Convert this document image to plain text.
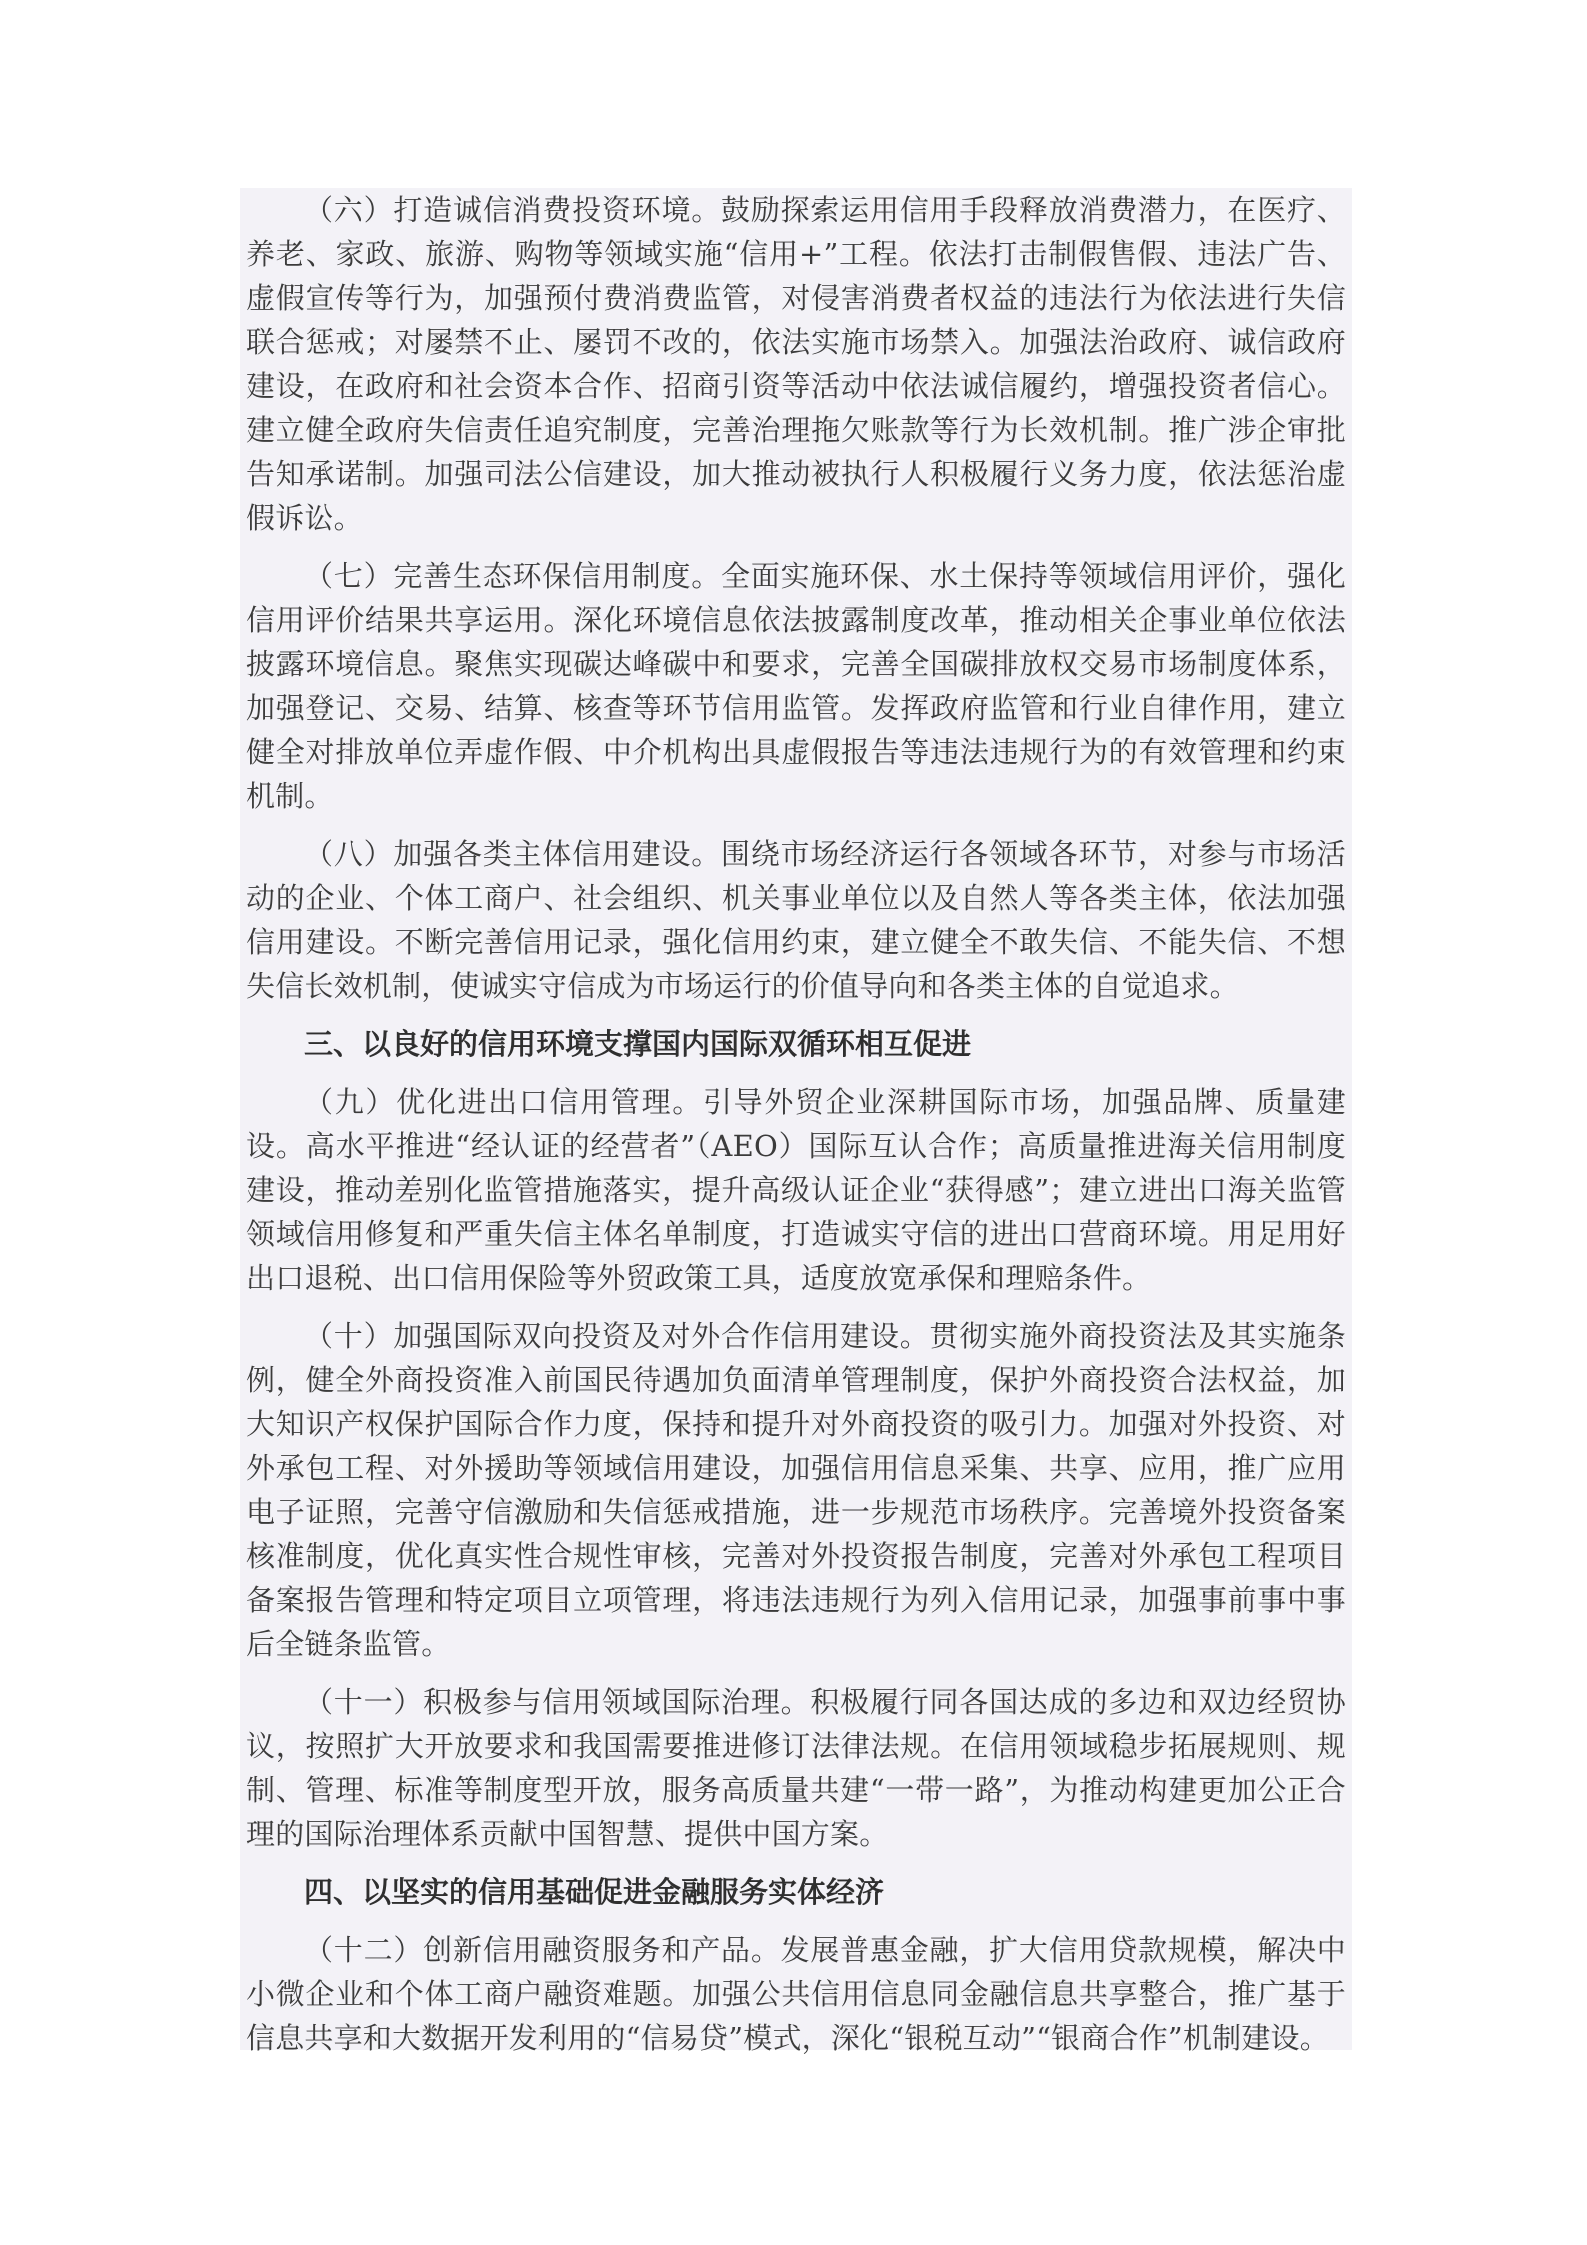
（六）打造诚信消费投资环境。鼓励探索运用信用手段释放消费潜力，在医疗、养老、家政、旅游、购物等领域实施“信用+”工程。依法打击制假售假、违法广告、虚假宣传等行为，加强预付费消费监管，对侵害消费者权益的违法行为依法进行失信联合惩戒；对屡禁不止、屡罚不改的，依法实施市场禁入。加强法治政府、诚信政府建设，在政府和社会资本合作、招商引资等活动中依法诚信履约，增强投资者信心。建立健全政府失信责任追究制度，完善治理拖欠账款等行为长效机制。推广涉企审批告知承诺制。加强司法公信建设，加大推动被执行人积极履行义务力度，依法惩治虚假诉讼。

（七）完善生态环保信用制度。全面实施环保、水土保持等领域信用评价，强化信用评价结果共享运用。深化环境信息依法披露制度改革，推动相关企事业单位依法披露环境信息。聚焦实现碳达峰碳中和要求，完善全国碳排放权交易市场制度体系，加强登记、交易、结算、核查等环节信用监管。发挥政府监管和行业自律作用，建立健全对排放单位弄虚作假、中介机构出具虚假报告等违法违规行为的有效管理和约束机制。

（八）加强各类主体信用建设。围绕市场经济运行各领域各环节，对参与市场活动的企业、个体工商户、社会组织、机关事业单位以及自然人等各类主体，依法加强信用建设。不断完善信用记录，强化信用约束，建立健全不敢失信、不能失信、不想失信长效机制，使诚实守信成为市场运行的价值导向和各类主体的自觉追求。

三、以良好的信用环境支撑国内国际双循环相互促进

（九）优化进出口信用管理。引导外贸企业深耕国际市场，加强品牌、质量建设。高水平推进“经认证的经营者”（AEO）国际互认合作；高质量推进海关信用制度建设，推动差别化监管措施落实，提升高级认证企业“获得感”；建立进出口海关监管领域信用修复和严重失信主体名单制度，打造诚实守信的进出口营商环境。用足用好出口退税、出口信用保险等外贸政策工具，适度放宽承保和理赔条件。

（十）加强国际双向投资及对外合作信用建设。贯彻实施外商投资法及其实施条例，健全外商投资准入前国民待遇加负面清单管理制度，保护外商投资合法权益，加大知识产权保护国际合作力度，保持和提升对外商投资的吸引力。加强对外投资、对外承包工程、对外援助等领域信用建设，加强信用信息采集、共享、应用，推广应用电子证照，完善守信激励和失信惩戒措施，进一步规范市场秩序。完善境外投资备案核准制度，优化真实性合规性审核，完善对外投资报告制度，完善对外承包工程项目备案报告管理和特定项目立项管理，将违法违规行为列入信用记录，加强事前事中事后全链条监管。

（十一）积极参与信用领域国际治理。积极履行同各国达成的多边和双边经贸协议，按照扩大开放要求和我国需要推进修订法律法规。在信用领域稳步拓展规则、规制、管理、标准等制度型开放，服务高质量共建“一带一路”，为推动构建更加公正合理的国际治理体系贡献中国智慧、提供中国方案。

四、以坚实的信用基础促进金融服务实体经济

（十二）创新信用融资服务和产品。发展普惠金融，扩大信用贷款规模，解决中小微企业和个体工商户融资难题。加强公共信用信息同金融信息共享整合，推广基于信息共享和大数据开发利用的“信易贷”模式，深化“银税互动”“银商合作”机制建设。
